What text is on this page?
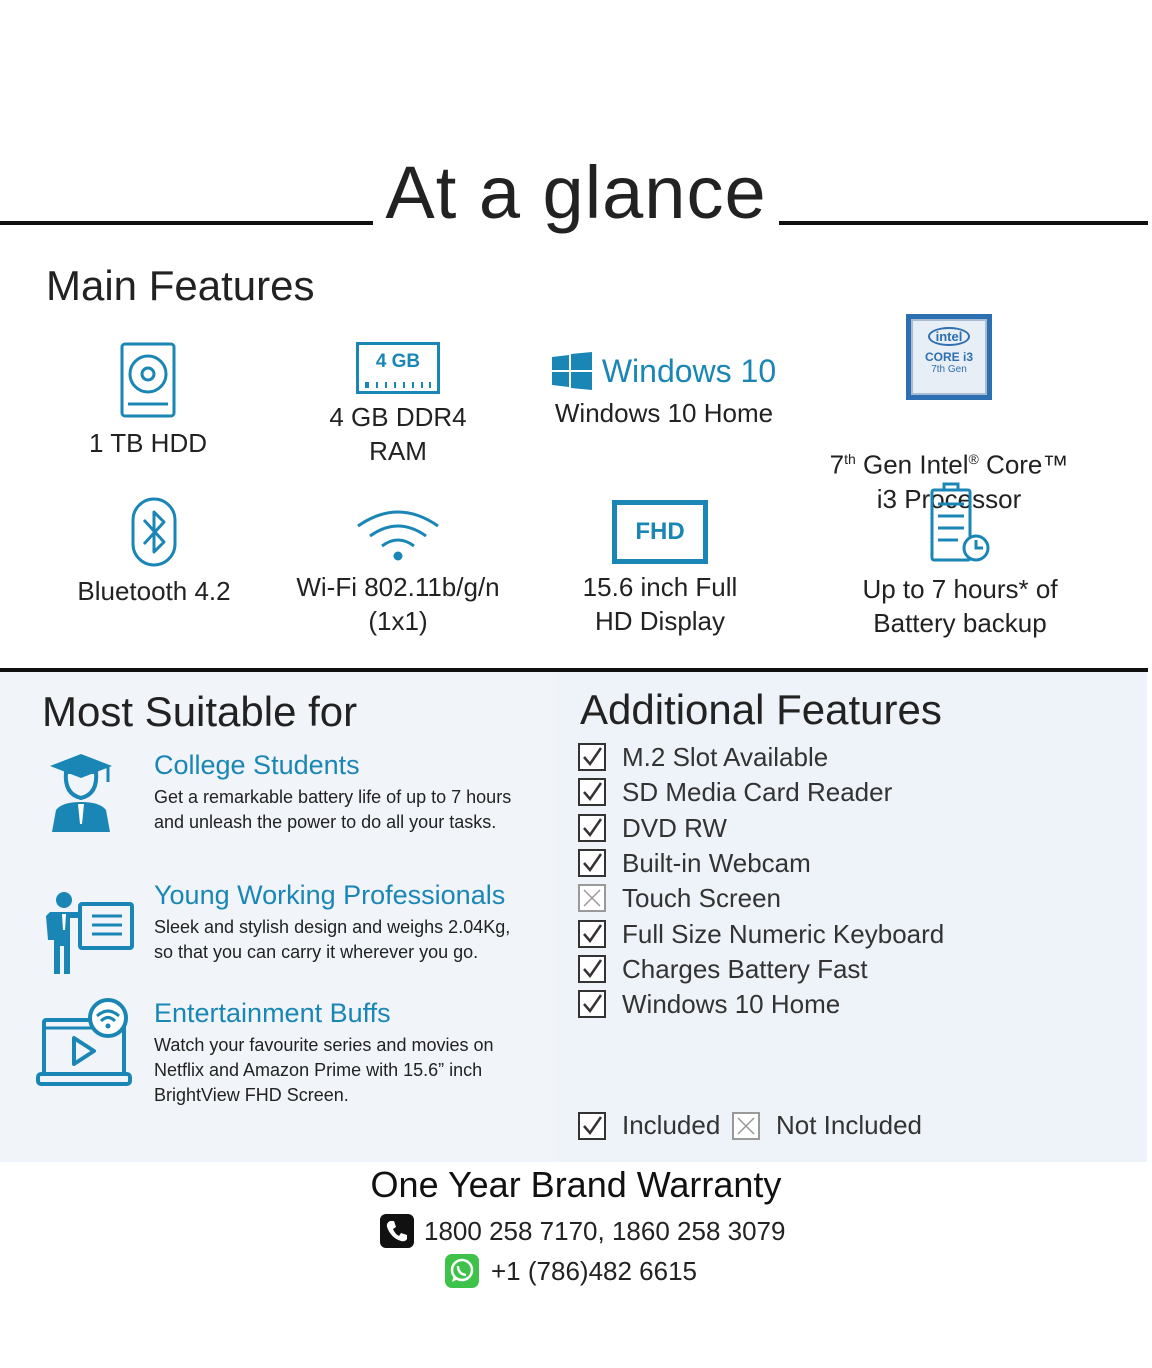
At a glance
Main Features
1 TB HDD
4 GB
4 GB DDR4
RAM
Windows 10
Windows 10 Home
intel
CORE i3
7th Gen

7th Gen Intel® Core™
i3 Processor

Bluetooth 4.2	Wi-Fi 802.11b/g/n
(1x1)
FHD
15.6 inch Full
HD Display
Up to 7 hours* of
Battery backup
Most Suitable for
College Students
Get a remarkable battery life of up to 7 hours and unleash the power to do all your tasks.
Young Working Professionals
Sleek and stylish design and weighs 2.04Kg, so that you can carry it wherever you go.
Entertainment Buffs
Watch your favourite series and movies on Netflix and Amazon Prime with 15.6” inch BrightView FHD Screen.
Additional Features
M.2 Slot Available
SD Media Card Reader
DVD RW
Built-in Webcam
Touch Screen
Full Size Numeric Keyboard
Charges Battery Fast
Windows 10 Home
Included Not Included
One Year Brand Warranty
1800 258 7170, 1860 258 3079
+1 (786)482 6615
